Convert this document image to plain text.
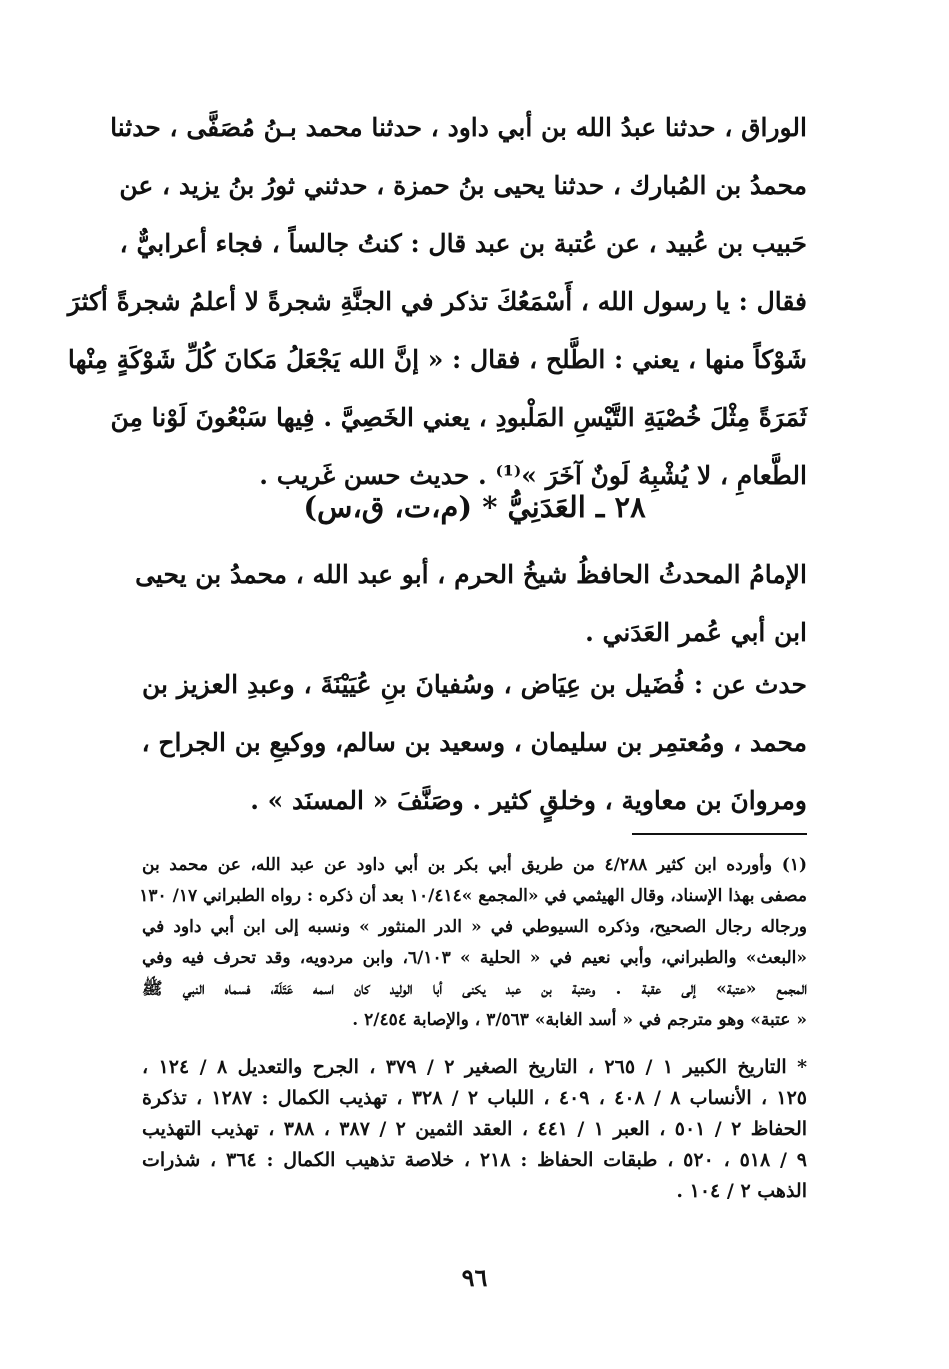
الوراق ، حدثنا عبدُ الله بن أبي داود ، حدثنا محمد بـنُ مُصَفَّى ، حدثنا
محمدُ بن المُبارك ، حدثنا يحيى بنُ حمزة ، حدثني ثورُ بنُ يزيد ، عن
حَبيب بن عُبيد ، عن عُتبة بن عبد قال : كنتُ جالساً ، فجاء أعرابيٌّ ،
فقال : يا رسول الله ، أَسْمَعُكَ تذكر في الجنَّةِ شجرةً لا أعلمُ شجرةً أكثرَ
شَوْكاً منها ، يعني : الطَّلح ، فقال : « إنَّ الله يَجْعَلُ مَكانَ كُلِّ شَوْكَةٍ مِنْها
ثَمَرَةً مِثْلَ خُصْيَةِ التَّيْسِ المَلْبودِ ، يعني الخَصِيَّ . فِيها سَبْعُونَ لَوْنا مِنَ
الطَّعامِ ، لا يُشْبِهُ لَونٌ آخَرَ »⁽¹⁾ . حديث حسن غَريب .
٢٨ ـ العَدَنِيُّ * (م،ت، ق،س)
الإمامُ المحدثُ الحافظُ شيخُ الحرم ، أبو عبد الله ، محمدُ بن يحيى
ابن أبي عُمر العَدَني .
حدث عن : فُضَيل بن عِيَاض ، وسُفيانَ بنِ عُيَيْنَةَ ، وعبدِ العزيز بن
محمد ، ومُعتمِر بن سليمان ، وسعيد بن سالم، ووكيعِ بن الجراح ،
ومروانَ بن معاوية ، وخلقٍ كثير . وصَنَّفَ « المسنَد » .
(١) وأورده ابن كثير ٤/٢٨٨ من طريق أبي بكر بن أبي داود عن عبد الله، عن محمد بن
مصفى بهذا الإسناد، وقال الهيثمي في «المجمع »١٠/٤١٤ بعد أن ذكره : رواه الطبراني ١٧/ ١٣٠
ورجاله رجال الصحيح، وذكره السيوطي في « الدر المنثور » ونسبه إلى ابن أبي داود في
«البعث» والطبراني، وأبي نعيم في « الحلية » ٦/١٠٣، وابن مردويه، وقد تحرف فيه وفي
المجمع «عتبة» إلى عقبة . وعتبة بن عبد يكنى أبا الوليد كان اسمه عَتَلَة، فسماه النبي ﷺ
« عتبة» وهو مترجم في « أسد الغابة» ٣/٥٦٣ ، والإصابة ٢/٤٥٤ .
* التاريخ الكبير ١ / ٢٦٥ ، التاريخ الصغير ٢ / ٣٧٩ ، الجرح والتعديل ٨ / ١٢٤ ،
١٢٥ ، الأنساب ٨ / ٤٠٨ ، ٤٠٩ ، اللباب ٢ / ٣٢٨ ، تهذيب الكمال : ١٢٨٧ ، تذكرة
الحفاظ ٢ / ٥٠١ ، العبر ١ / ٤٤١ ، العقد الثمين ٢ / ٣٨٧ ، ٣٨٨ ، تهذيب التهذيب
٩ / ٥١٨ ، ٥٢٠ ، طبقات الحفاظ : ٢١٨ ، خلاصة تذهيب الكمال : ٣٦٤ ، شذرات
الذهب ٢ / ١٠٤ .
٩٦
